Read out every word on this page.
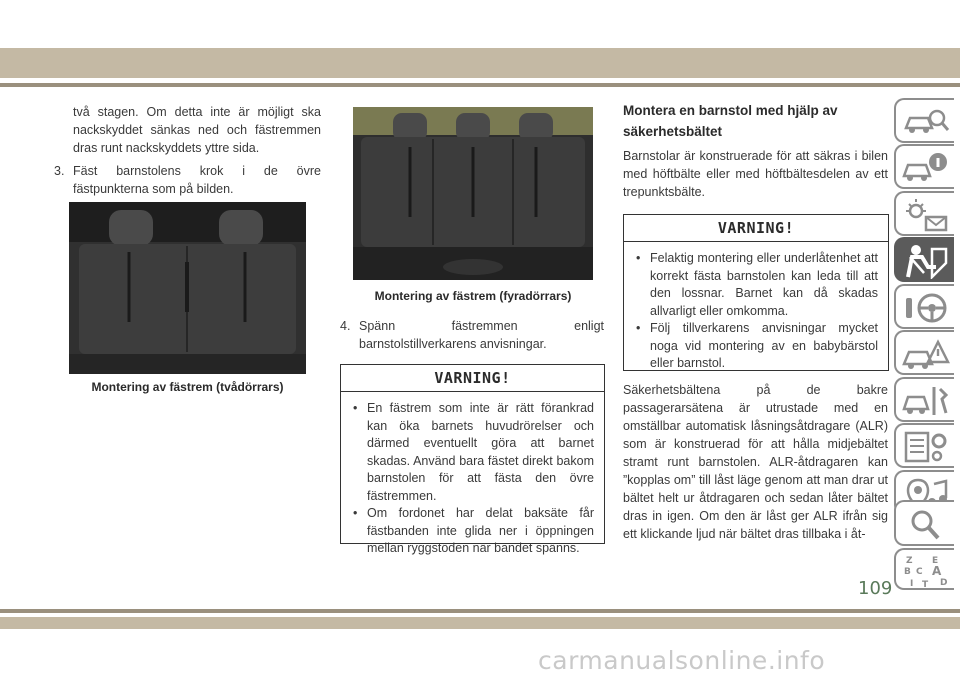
två stagen. Om detta inte är möjligt ska nackskyddet sänkas ned och fästremmen dras runt nackskyddets yttre sida.

3. Fäst barnstolens krok i de övre fästpunkterna som på bilden.

Montering av fästrem (tvådörrars)
Montering av fästrem (fyradörrars)
4. Spänn fästremmen enligt barnstolstillverkarens anvisningar.

VARNING!
• En fästrem som inte är rätt förankrad kan öka barnets huvudrörelser och därmed eventuellt göra att barnet skadas. Använd bara fästet direkt bakom barnstolen för att fästa den övre fästremmen.
• Om fordonet har delat baksäte får fästbanden inte glida ner i öppningen mellan ryggstöden när bandet spänns.
Montera en barnstol med hjälp av säkerhetsbältet

Barnstolar är konstruerade för att säkras i bilen med höftbälte eller med höftbältesdelen av ett trepunktsbälte.

VARNING!
• Felaktig montering eller underlåtenhet att korrekt fästa barnstolen kan leda till att den lossnar. Barnet kan då skadas allvarligt eller omkomma.
• Följ tillverkarens anvisningar mycket noga vid montering av en babybärstol eller barnstol.

Säkerhetsbältena på de bakre passagerarsätena är utrustade med en omställbar automatisk låsningsåtdragare (ALR) som är konstruerad för att hålla midjebältet stramt runt barnstolen. ALR-åtdragaren kan ”kopplas om” till låst läge genom att man drar ut bältet helt ur åtdragaren och sedan låter bältet dras in igen. Om den är låst ger ALR ifrån sig ett klickande ljud när bältet dras tillbaka i åt-

Z E
B A
C
T
I	D
109
carmanualsonline.info
